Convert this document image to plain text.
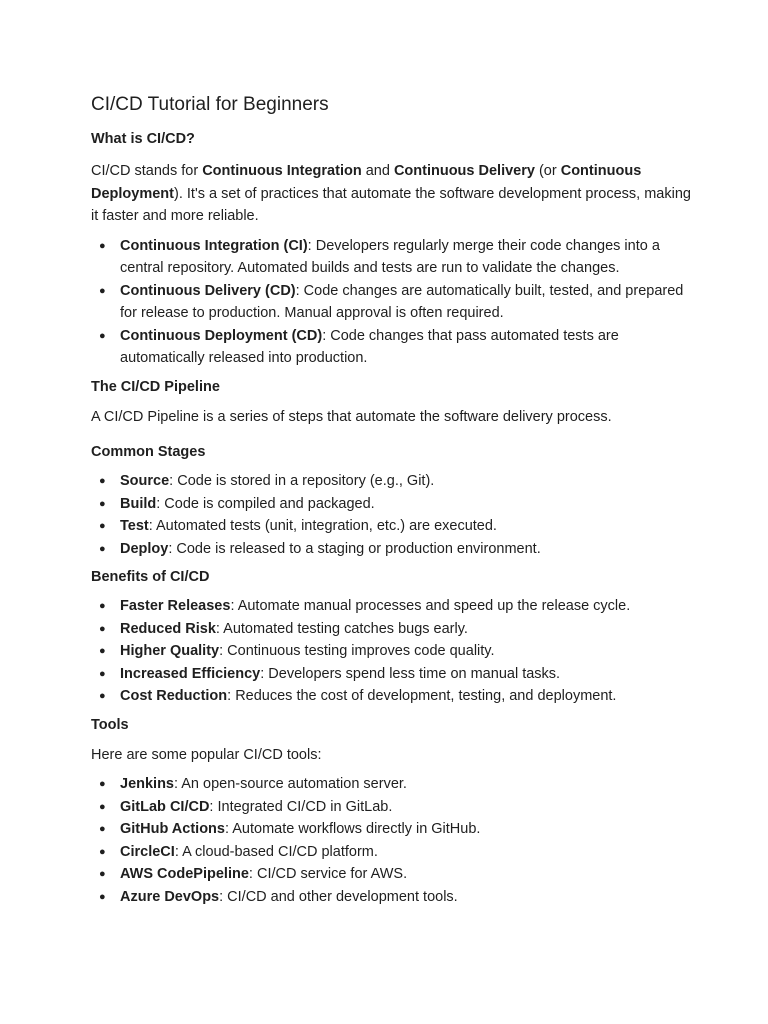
CI/CD Tutorial for Beginners
What is CI/CD?

CI/CD stands for Continuous Integration and Continuous Delivery (or Continuous Deployment). It's a set of practices that automate the software development process, making it faster and more reliable.

● Continuous Integration (CI): Developers regularly merge their code changes into a central repository. Automated builds and tests are run to validate the changes.
● Continuous Delivery (CD): Code changes are automatically built, tested, and prepared for release to production. Manual approval is often required.
● Continuous Deployment (CD): Code changes that pass automated tests are automatically released into production.
The CI/CD Pipeline

A CI/CD Pipeline is a series of steps that automate the software delivery process.

Common Stages
● Source: Code is stored in a repository (e.g., Git).
● Build: Code is compiled and packaged.
● Test: Automated tests (unit, integration, etc.) are executed.
● Deploy: Code is released to a staging or production environment.
Benefits of CI/CD
● Faster Releases: Automate manual processes and speed up the release cycle.
● Reduced Risk: Automated testing catches bugs early.
● Higher Quality: Continuous testing improves code quality.
● Increased Efficiency: Developers spend less time on manual tasks.
● Cost Reduction: Reduces the cost of development, testing, and deployment.
Tools

Here are some popular CI/CD tools:

● Jenkins: An open-source automation server.
● GitLab CI/CD: Integrated CI/CD in GitLab.
● GitHub Actions: Automate workflows directly in GitHub.
● CircleCI: A cloud-based CI/CD platform.
● AWS CodePipeline: CI/CD service for AWS.
● Azure DevOps: CI/CD and other development tools.
